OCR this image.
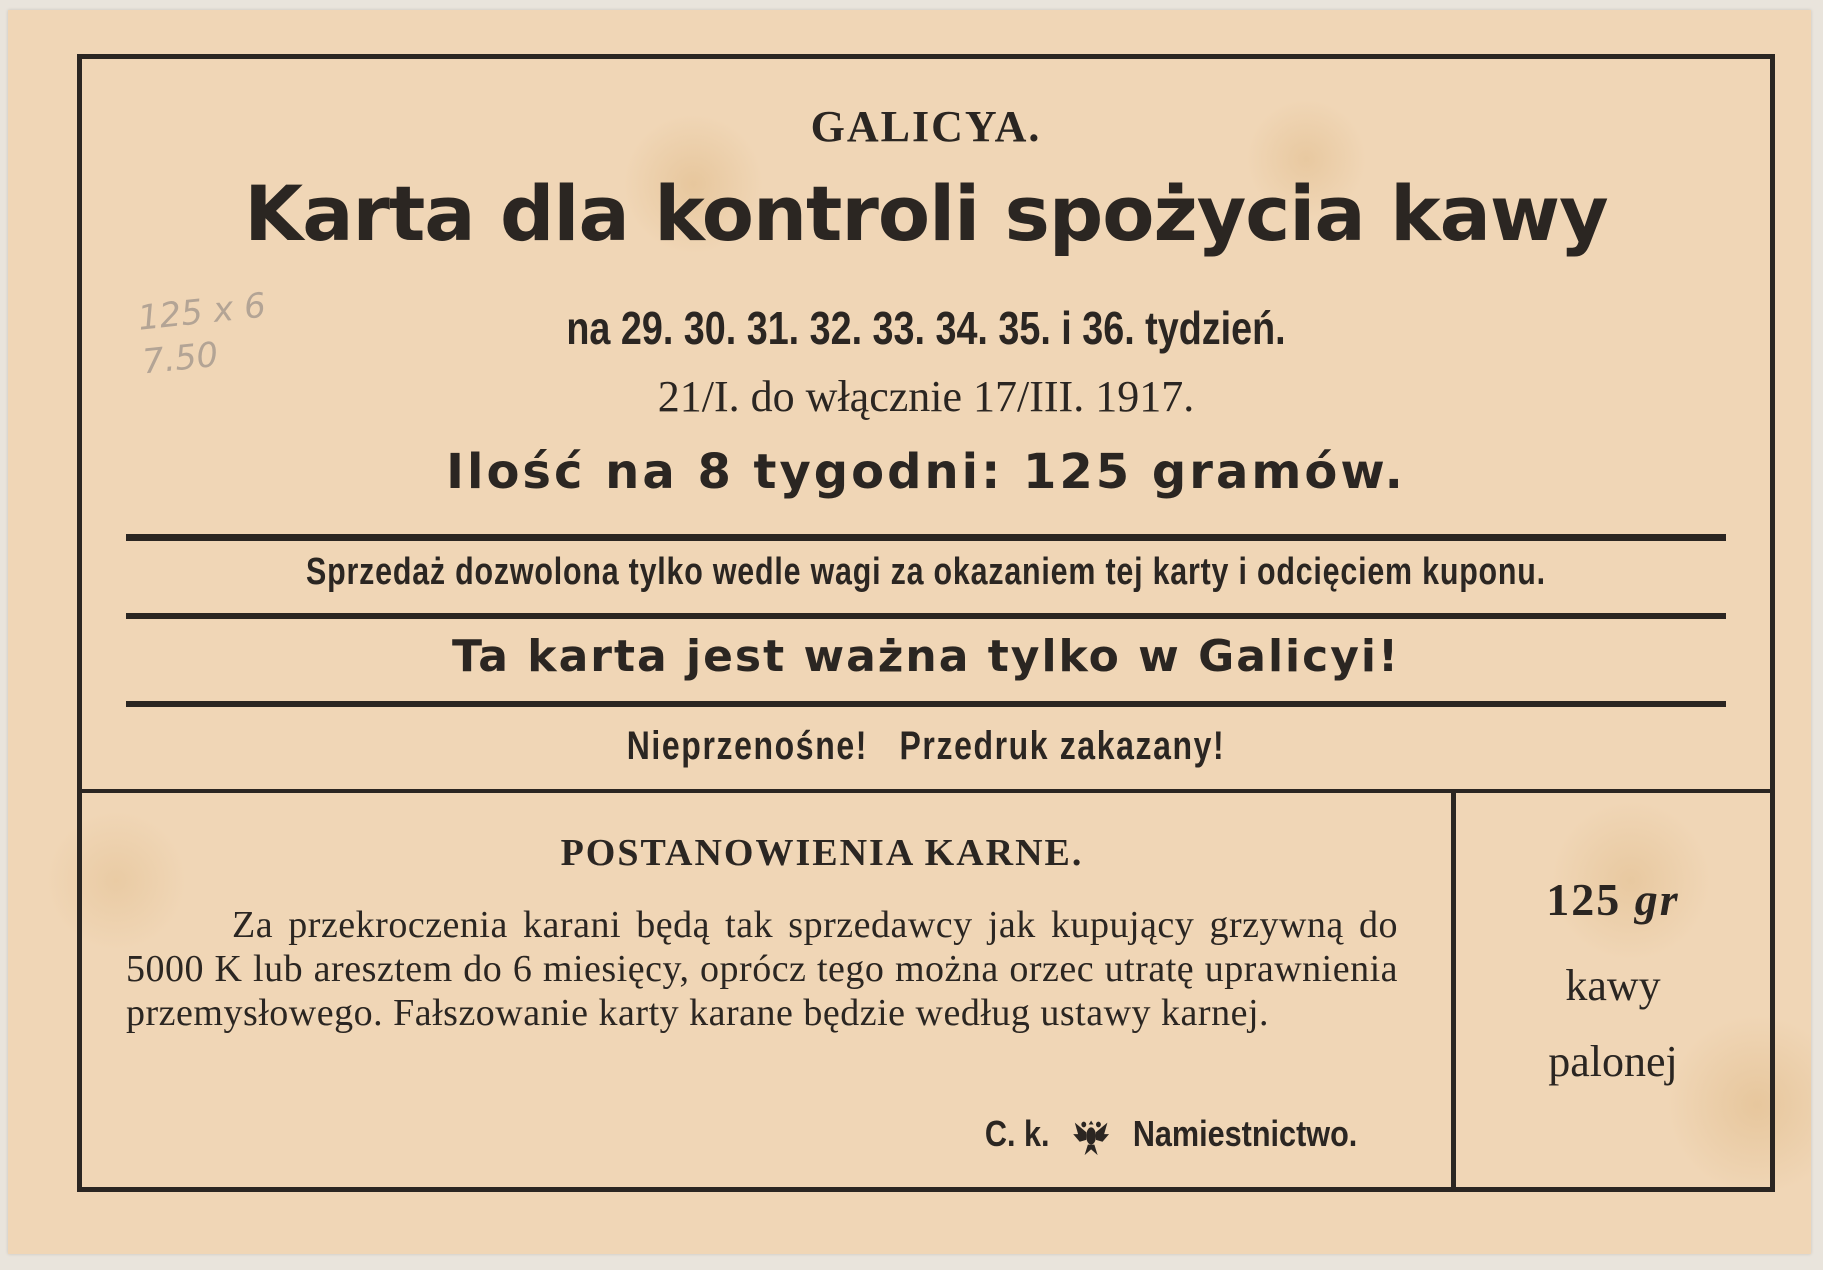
125 x 6
7.50
GALICYA.
Karta dla kontroli spożycia kawy
na 29. 30. 31. 32. 33. 34. 35. i 36. tydzień.
21/I. do włącznie 17/III. 1917.
Ilość na 8 tygodni: 125 gramów.
Sprzedaż dozwolona tylko wedle wagi za okazaniem tej karty i odcięciem kuponu.
Ta karta jest ważna tylko w Galicyi!
Nieprzenośne!   Przedruk zakazany!
POSTANOWIENIA KARNE.
Za przekroczenia karani będą tak sprzedawcy jak kupujący grzywną do 5000 K lub aresztem do 6 miesięcy, oprócz tego można orzec utratę uprawnienia przemysłowego. Fałszowanie karty karane będzie według ustawy karnej.
C. k. Namiestnictwo.
125 gr
kawy
palonej
